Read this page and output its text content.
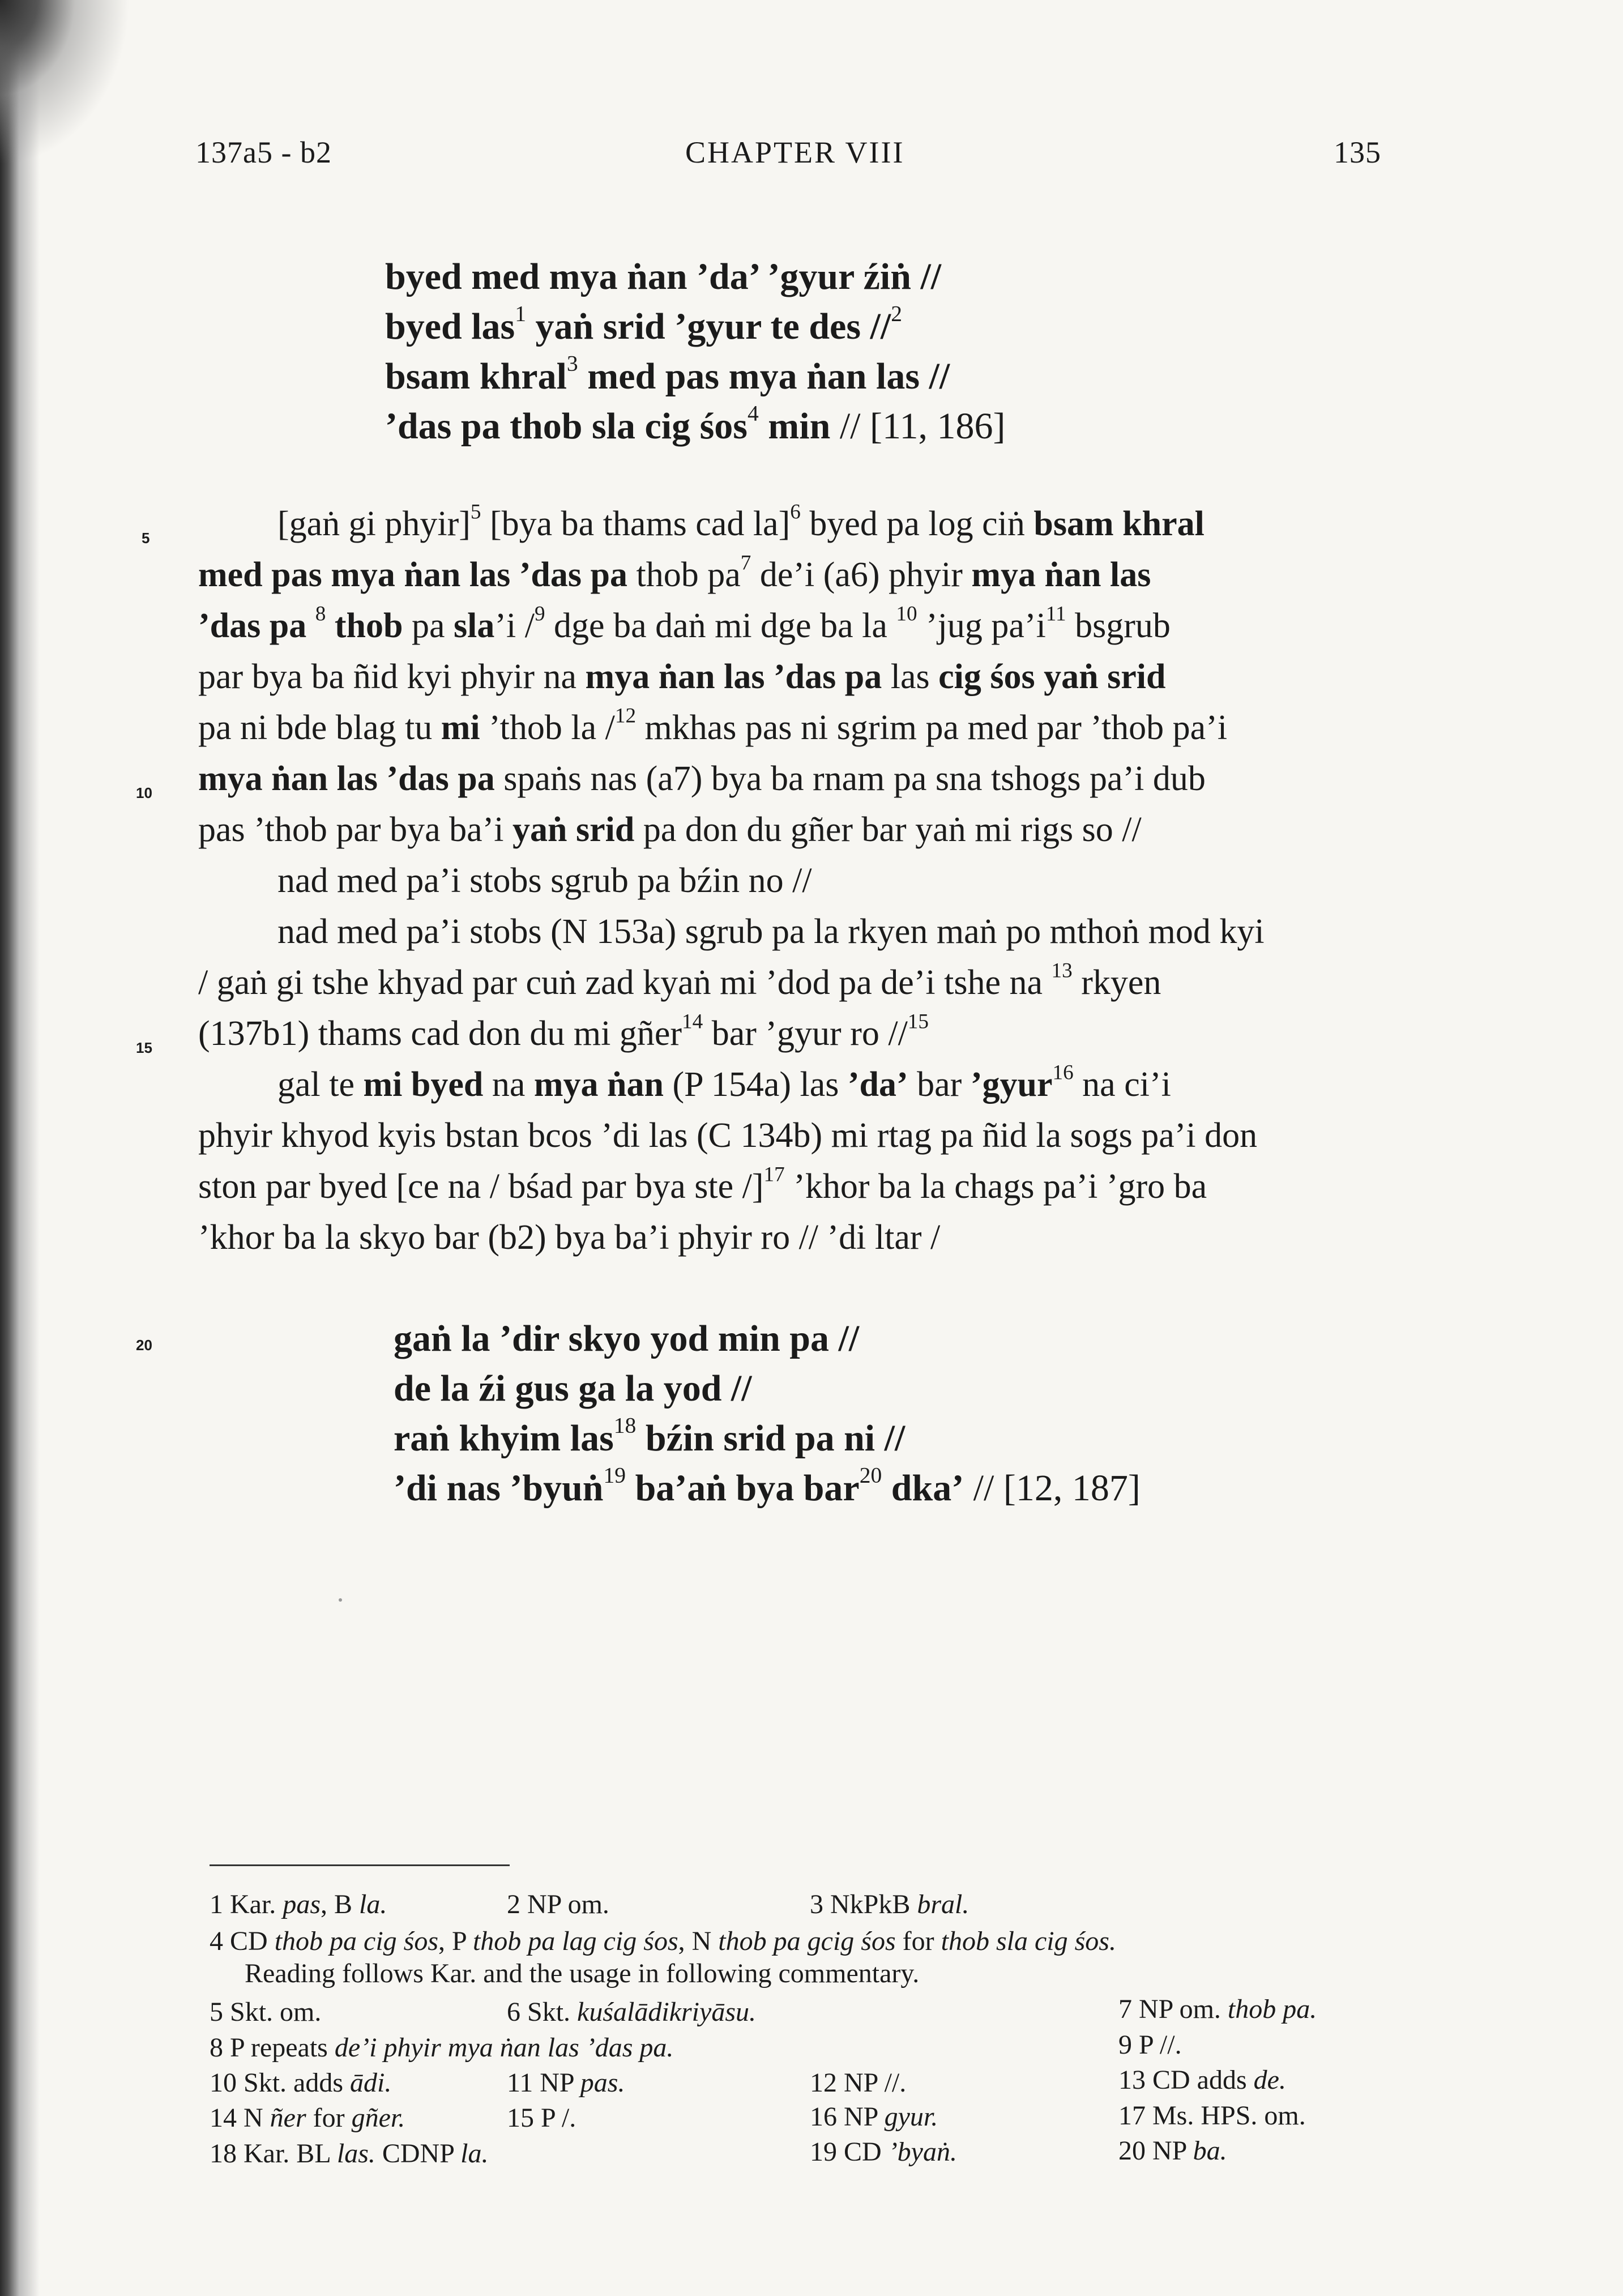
137a5 - b2	CHAPTER VIII	135
byed med mya ṅan ’da’ ’gyur źiṅ //
byed las$^1$ yaṅ srid ’gyur te des //$^2$
bsam khral$^3$ med pas mya ṅan las //
’das pa thob sla cig śos$^4$ min // [11, 186]
5
10
15
20
[gaṅ gi phyir]$^5$ [bya ba thams cad la]$^6$ byed pa log ciṅ bsam khral
med pas mya ṅan las ’das pa thob $pa^7$ de’i (a6) phyir mya ṅan las
’das pa $^8$ thob pa sla’i /$^9$ dge ba daṅ mi dge ba la $^{10}$ ’jug $pa’i^{11}$ bsgrub
par bya ba ñid kyi phyir na mya ṅan las ’das pa las cig śos yaṅ srid
pa ni bde blag tu mi ’thob la /$^{12}$ mkhas pas ni sgrim pa med par ’thob pa’i
mya ṅan las ’das pa spaṅs nas (a7) bya ba rnam pa sna tshogs pa’i dub
pas ’thob par bya ba’i yaṅ srid pa don du gñer bar yaṅ mi rigs so //
nad med pa’i stobs sgrub pa bźin no //
nad med pa’i stobs (N 153a) sgrub pa la rkyen maṅ po mthoṅ mod kyi
/ gaṅ gi tshe khyad par cuṅ zad kyaṅ mi ’dod pa de’i tshe na $^{13}$ rkyen
(137b1) thams cad don du mi gñer$^{14}$ bar ’gyur ro //$^{15}$
gal te mi byed na mya ṅan (P 154a) las ’da’ bar ’gyur$^{16}$ na ci’i
phyir khyod kyis bstan bcos ’di las (C 134b) mi rtag pa ñid la sogs pa’i don
ston par byed [ce na / bśad par bya ste /]$^{17}$ ’khor ba la chags pa’i ’gro ba
’khor ba la skyo bar (b2) bya ba’i phyir ro // ’di ltar /
gaṅ la ’dir skyo yod min pa //
de la źi gus ga la yod //
raṅ khyim las$^{18}$ bźin srid pa ni //
’di nas ’byuṅ$^{19}$ ba’aṅ bya bar$^{20}$ dka’ // [12, 187]
1 Kar. pas, B la.	2 NP om.	3 NkPkB bral.
4 CD thob pa cig śos, P thob pa lag cig śos, N thob pa gcig śos for thob sla cig śos.
Reading follows Kar. and the usage in following commentary.
5 Skt. om.	6 Skt. kuśalādikriyāsu.	7 NP om. thob pa.
8 P repeats de’i phyir mya ṅan las ’das pa.	9 P //.
10 Skt. adds ādi.	11 NP pas.	12 NP //.	13 CD adds de.
14 N ñer for gñer.	15 P /.	16 NP gyur.	17 Ms. HPS. om.
18 Kar. BL las. CDNP la.	19 CD ’byaṅ.	20 NP ba.
